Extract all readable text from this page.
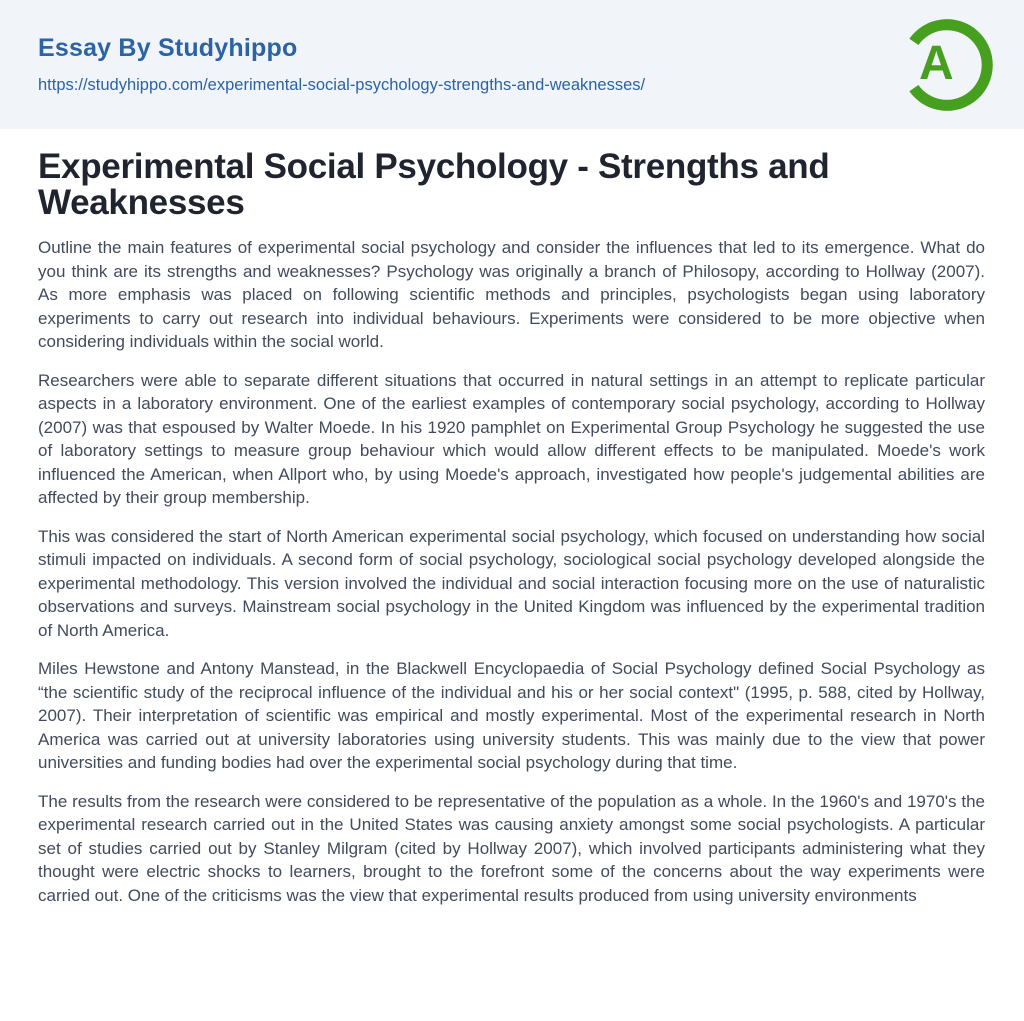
Essay By Studyhippo
https://studyhippo.com/experimental-social-psychology-strengths-and-weaknesses/	A
Experimental Social Psychology - Strengths and Weaknesses

Outline the main features of experimental social psychology and consider the influences that led to its emergence. What do you think are its strengths and weaknesses? Psychology was originally a branch of Philosopy, according to Hollway (2007). As more emphasis was placed on following scientific methods and principles, psychologists began using laboratory experiments to carry out research into individual behaviours. Experiments were considered to be more objective when considering individuals within the social world.

Researchers were able to separate different situations that occurred in natural settings in an attempt to replicate particular aspects in a laboratory environment. One of the earliest examples of contemporary social psychology, according to Hollway (2007) was that espoused by Walter Moede. In his 1920 pamphlet on Experimental Group Psychology he suggested the use of laboratory settings to measure group behaviour which would allow different effects to be manipulated. Moede's work influenced the American, when Allport who, by using Moede's approach, investigated how people's judgemental abilities are affected by their group membership.

This was considered the start of North American experimental social psychology, which focused on understanding how social stimuli impacted on individuals. A second form of social psychology, sociological social psychology developed alongside the experimental methodology. This version involved the individual and social interaction focusing more on the use of naturalistic observations and surveys. Mainstream social psychology in the United Kingdom was influenced by the experimental tradition of North America.

Miles Hewstone and Antony Manstead, in the Blackwell Encyclopaedia of Social Psychology defined Social Psychology as “the scientific study of the reciprocal influence of the individual and his or her social context" (1995, p. 588, cited by Hollway, 2007). Their interpretation of scientific was empirical and mostly experimental. Most of the experimental research in North America was carried out at university laboratories using university students. This was mainly due to the view that power universities and funding bodies had over the experimental social psychology during that time.

The results from the research were considered to be representative of the population as a whole. In the 1960's and 1970's the experimental research carried out in the United States was causing anxiety amongst some social psychologists. A particular set of studies carried out by Stanley Milgram (cited by Hollway 2007), which involved participants administering what they thought were electric shocks to learners, brought to the forefront some of the concerns about the way experiments were carried out. One of the criticisms was the view that experimental results produced from using university environments
